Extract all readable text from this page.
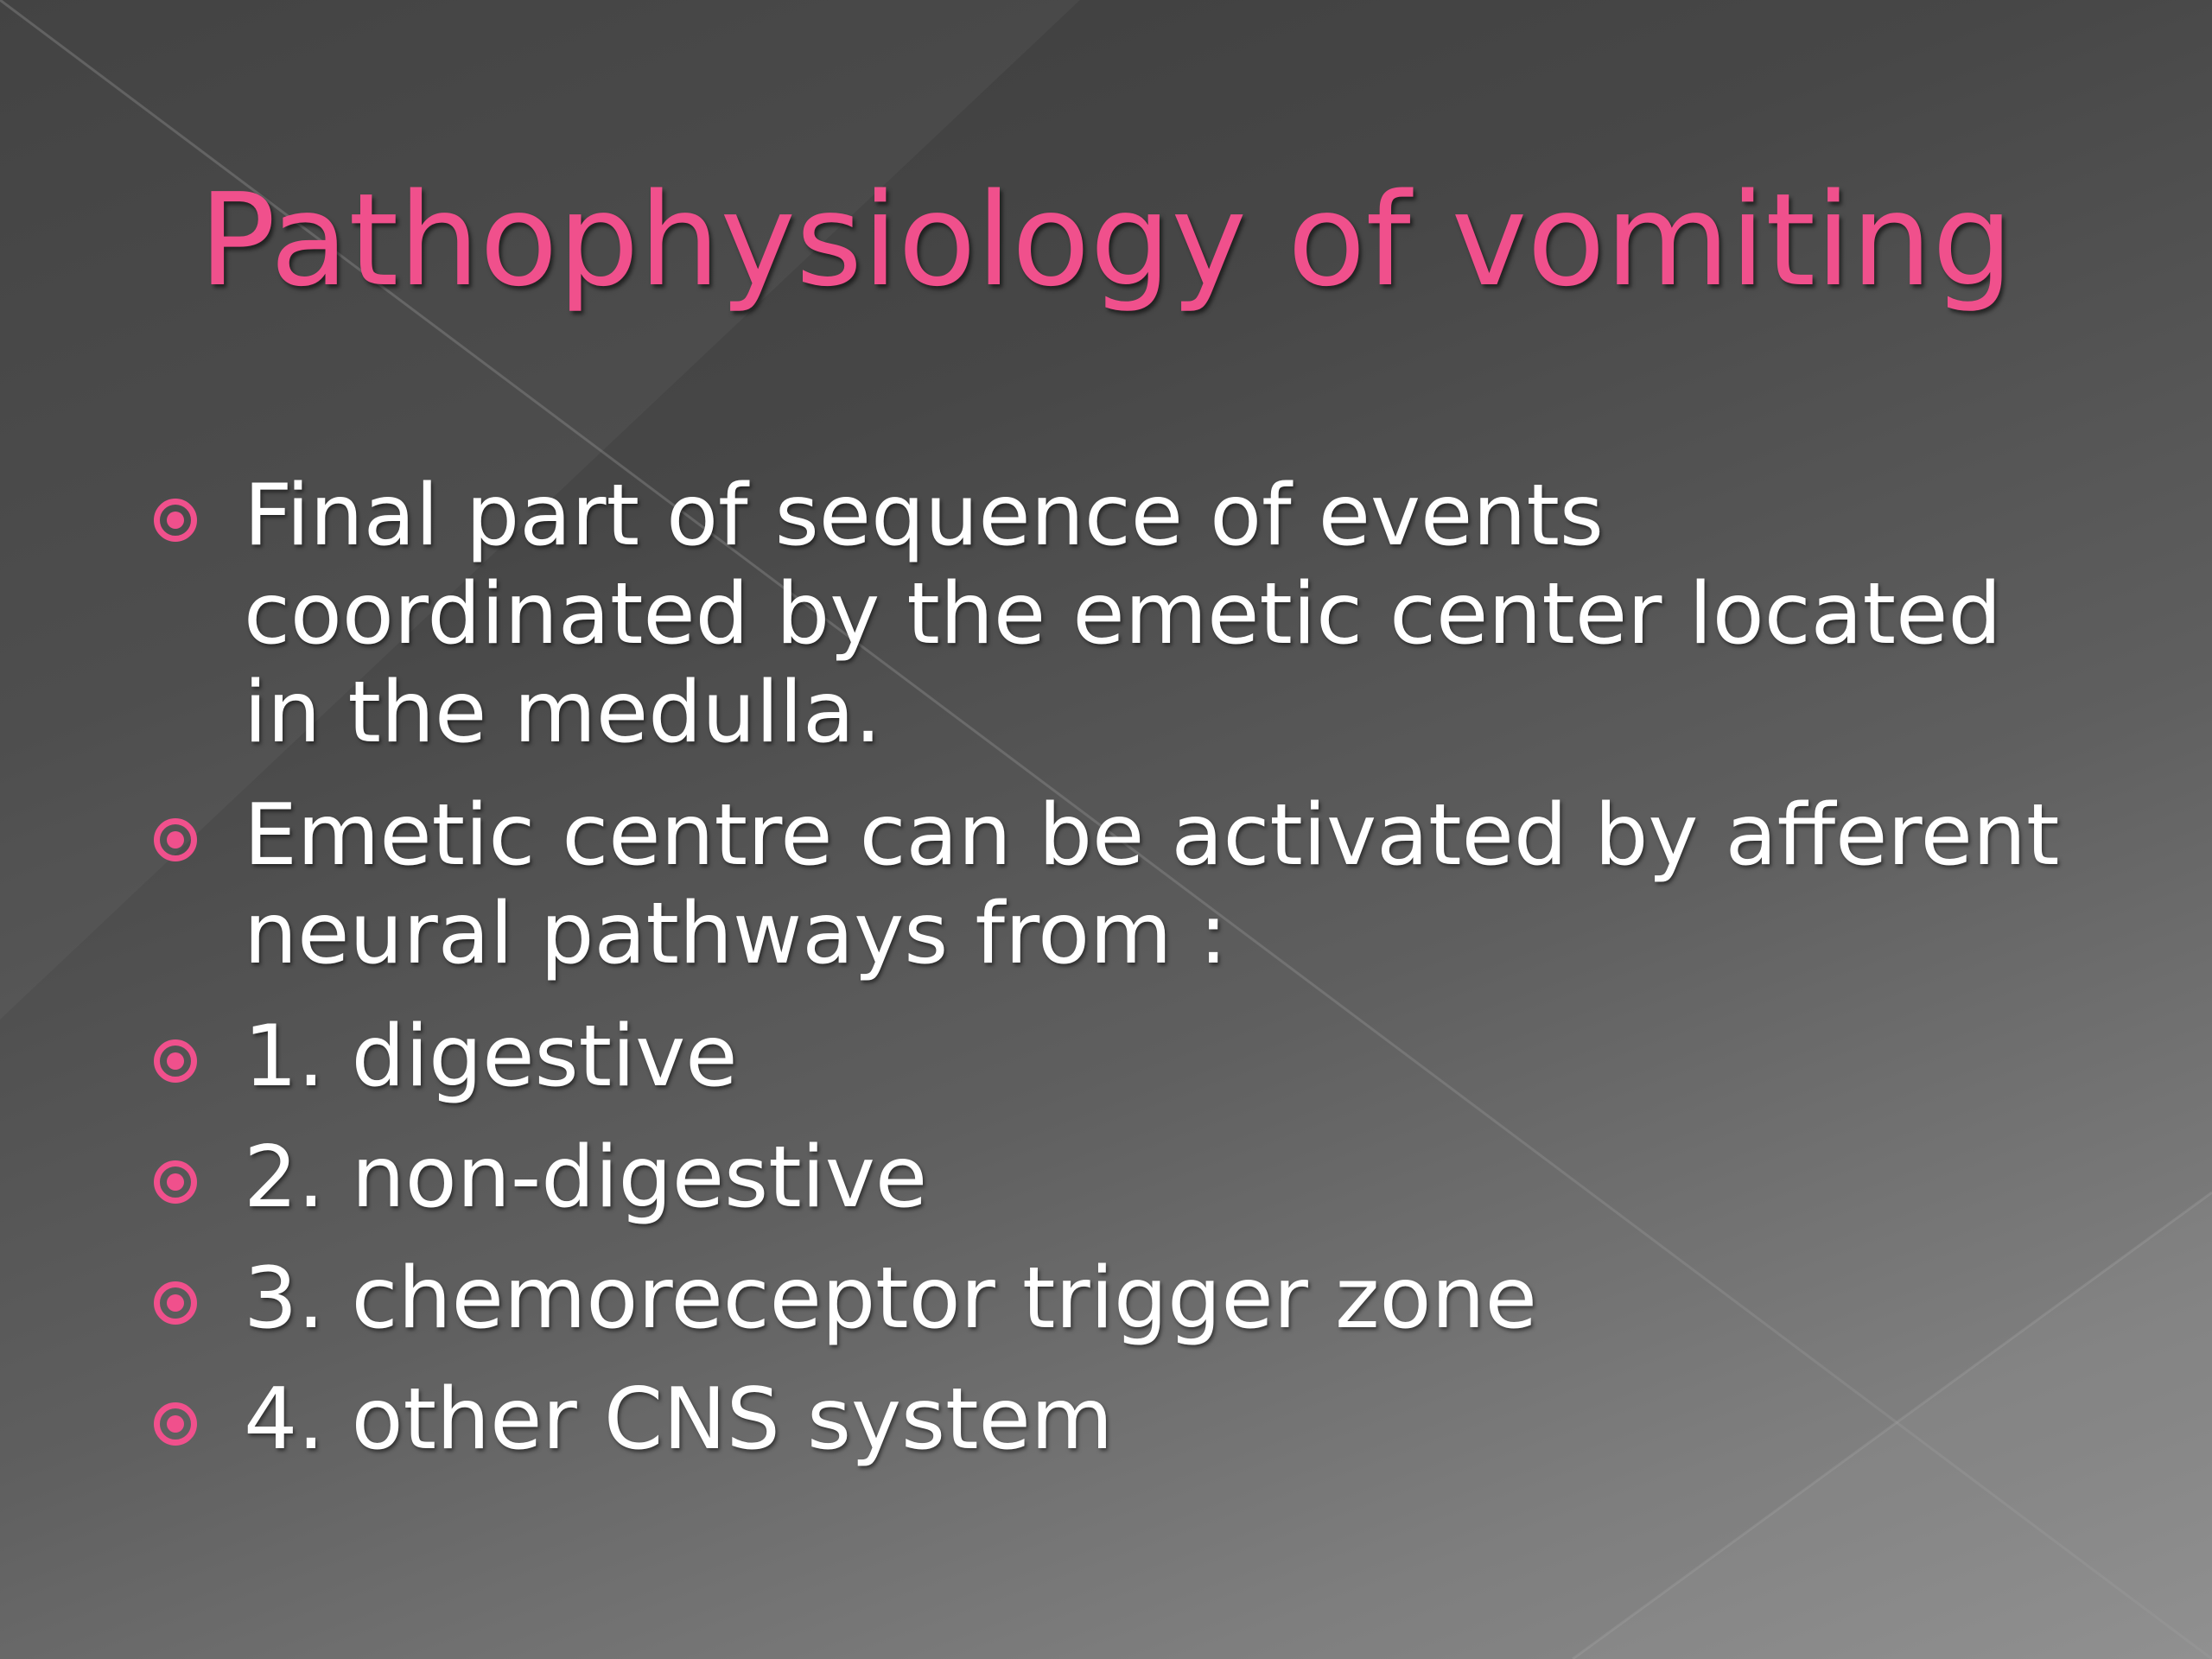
Pathophysiology of vomiting
Final part of sequence of events coordinated by the emetic center located in the medulla.
Emetic centre can be activated by afferent neural pathways from :
1. digestive
2. non-digestive
3. chemoreceptor trigger zone
4. other CNS system
